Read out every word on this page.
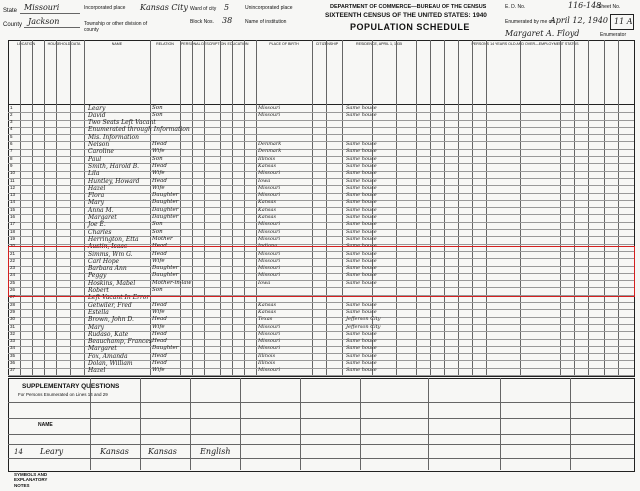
State Missouri
County Jackson
Incorporated place	Kansas City Ward of city 5
Township or other division of county
Block Nos. 38
Unincorporated place
Name of institution
DEPARTMENT OF COMMERCE—BUREAU OF THE CENSUS
SIXTEENTH CENSUS OF THE UNITED STATES: 1940
POPULATION SCHEDULE
E. D. No.	116-148
Sheet No.
Enumerated by me on
April 12, 1940
Margaret A. Floyd	Enumerator
11 A
LOCATION	HOUSEHOLD DATA	NAME	RELATION	PERSONAL DESCRIPTION EDUCATION	PLACE OF BIRTH	CITIZENSHIP	RESIDENCE, APRIL 1, 1935	PERSONS 14 YEARS OLD AND OVER—EMPLOYMENT STATUS
1	Leary	Son	Missouri	Same house
2	David	Son	Missouri	Same house
3	Two Seats Left Vacant
4	Enumerated through Information
5	Mis. Information
6	Nelson	Head	Denmark	Same house
7	Caroline	Wife	Denmark	Same house
8	Paul	Son	Illinois	Same house
9	Smith, Harold B. Head	Kansas	Same house
10	Lila	Wife	Missouri	Same house
11	Huntley, Howard Head	Iowa	Same house
12	Hazel	Wife	Missouri	Same house
13	Flora	Daughter	Missouri	Same house
14	Mary	Daughter	Kansas	Same house
15	Anna M.	Daughter	Kansas	Same house
16	Margaret	Daughter	Kansas	Same house
17	Joe E.	Son	Missouri	Same house
18	Charles	Son	Missouri	Same house
19	Herrington, Etta Mother	Missouri	Same house
20	Austin, Isaac	Head	Indiana	Same house
21	Simms, Wm G.	Head	Missouri	Same house
22	Carl Hope	Wife	Missouri	Same house
23	Barbara Ann	Daughter	Missouri	Same house
24	Peggy	Daughter	Missouri	Same house
25	Hoskins, Mabel	Mother-in-law	Iowa	Same house
26	Robert	Son
27	Left Vacant In Error
28	Getwiler, Fred	Head	Kansas	Same house
29	Estella	Wife	Kansas	Same house
30	Brown, John D.	Head	Texas	Jefferson City
31	Mary	Wife	Missouri	Jefferson City
32	Rudaso, Kate	Head	Missouri	Same house
33	Beauchamp, Frances Head	Missouri	Same house
34	Margaret	Daughter	Missouri	Same house
35	Fox, Amanda	Head	Illinois	Same house
36	Dolan, William	Head	Illinois	Same house
37	Hazel	Wife	Missouri	Same house
SUPPLEMENTARY QUESTIONS
For Persons Enumerated on Lines 14 and 29
NAME
14 Leary	Kansas Kansas	English
SYMBOLS AND EXPLANATORY NOTES
